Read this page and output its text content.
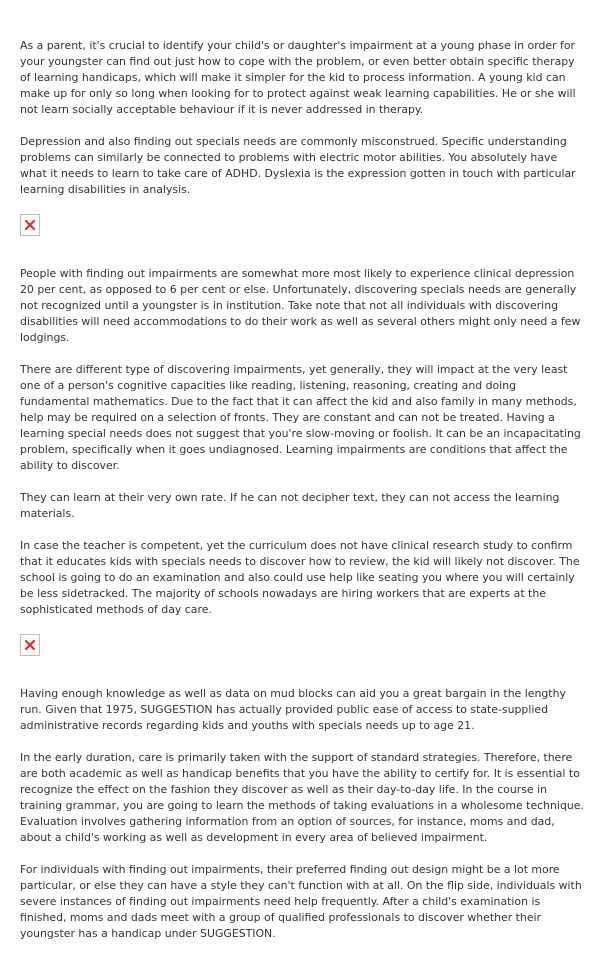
As a parent, it's crucial to identify your child's or daughter's impairment at a young phase in order for your youngster can find out just how to cope with the problem, or even better obtain specific therapy of learning handicaps, which will make it simpler for the kid to process information. A young kid can make up for only so long when looking for to protect against weak learning capabilities. He or she will not learn socially acceptable behaviour if it is never addressed in therapy.

Depression and also finding out specials needs are commonly misconstrued. Specific understanding problems can similarly be connected to problems with electric motor abilities. You absolutely have what it needs to learn to take care of ADHD. Dyslexia is the expression gotten in touch with particular learning disabilities in analysis.

People with finding out impairments are somewhat more most likely to experience clinical depression 20 per cent, as opposed to 6 per cent or else. Unfortunately, discovering specials needs are generally not recognized until a youngster is in institution. Take note that not all individuals with discovering disabilities will need accommodations to do their work as well as several others might only need a few lodgings.

There are different type of discovering impairments, yet generally, they will impact at the very least one of a person's cognitive capacities like reading, listening, reasoning, creating and doing fundamental mathematics. Due to the fact that it can affect the kid and also family in many methods, help may be required on a selection of fronts. They are constant and can not be treated. Having a learning special needs does not suggest that you're slow-moving or foolish. It can be an incapacitating problem, specifically when it goes undiagnosed. Learning impairments are conditions that affect the ability to discover.

They can learn at their very own rate. If he can not decipher text, they can not access the learning materials.

In case the teacher is competent, yet the curriculum does not have clinical research study to confirm that it educates kids with specials needs to discover how to review, the kid will likely not discover. The school is going to do an examination and also could use help like seating you where you will certainly be less sidetracked. The majority of schools nowadays are hiring workers that are experts at the sophisticated methods of day care.

Having enough knowledge as well as data on mud blocks can aid you a great bargain in the lengthy run. Given that 1975, SUGGESTION has actually provided public ease of access to state-supplied administrative records regarding kids and youths with specials needs up to age 21.

In the early duration, care is primarily taken with the support of standard strategies. Therefore, there are both academic as well as handicap benefits that you have the ability to certify for. It is essential to recognize the effect on the fashion they discover as well as their day-to-day life. In the course in training grammar, you are going to learn the methods of taking evaluations in a wholesome technique. Evaluation involves gathering information from an option of sources, for instance, moms and dad, about a child's working as well as development in every area of believed impairment.

For individuals with finding out impairments, their preferred finding out design might be a lot more particular, or else they can have a style they can't function with at all. On the flip side, individuals with severe instances of finding out impairments need help frequently. After a child's examination is finished, moms and dads meet with a group of qualified professionals to discover whether their youngster has a handicap under SUGGESTION.
